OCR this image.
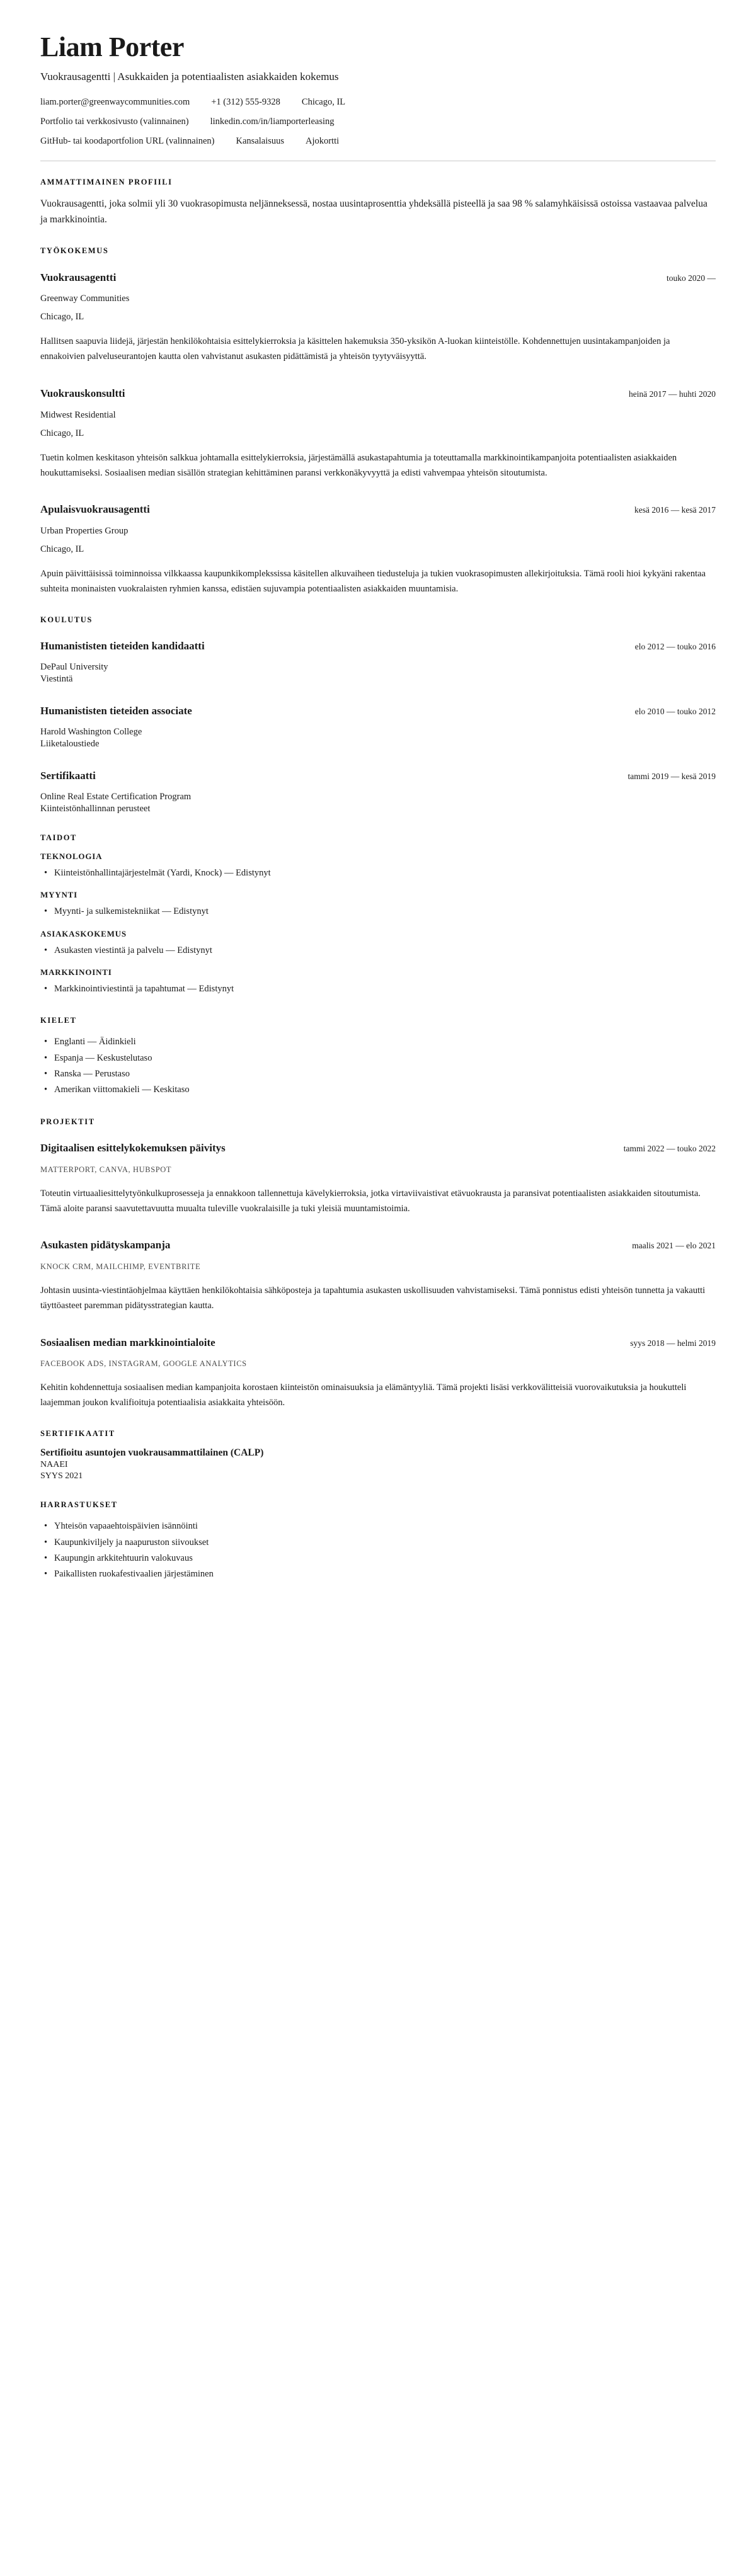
Liam Porter

Vuokrausagentti | Asukkaiden ja potentiaalisten asiakkaiden kokemus

liam.porter@greenwaycommunities.com +1 (312) 555-9328 Chicago, IL

Portfolio tai verkkosivusto (valinnainen) linkedin.com/in/liamporterleasing

GitHub- tai koodaportfolion URL (valinnainen) Kansalaisuus Ajokortti

AMMATTIMAINEN PROFIILI

Vuokrausagentti, joka solmii yli 30 vuokrasopimusta neljänneksessä, nostaa uusintaprosenttia yhdeksällä pisteellä ja saa 98 % salamyhkäisissä ostoissa vastaavaa palvelua ja markkinointia.

TYÖKOKEMUS

Vuokrausagentti	touko 2020 —

Greenway Communities

Chicago, IL

Hallitsen saapuvia liidejä, järjestän henkilökohtaisia esittelykierroksia ja käsittelen hakemuksia 350-yksikön A-luokan kiinteistölle. Kohdennettujen uusintakampanjoiden ja ennakoivien palveluseurantojen kautta olen vahvistanut asukasten pidättämistä ja yhteisön tyytyväisyyttä.

Vuokrauskonsultti	heinä 2017 — huhti 2020

Midwest Residential

Chicago, IL

Tuetin kolmen keskitason yhteisön salkkua johtamalla esittelykierroksia, järjestämällä asukastapahtumia ja toteuttamalla markkinointikampanjoita potentiaalisten asiakkaiden houkuttamiseksi. Sosiaalisen median sisällön strategian kehittäminen paransi verkkonäkyvyyttä ja edisti vahvempaa yhteisön sitoutumista.

Apulaisvuokrausagentti	kesä 2016 — kesä 2017

Urban Properties Group

Chicago, IL

Apuin päivittäisissä toiminnoissa vilkkaassa kaupunkikomplekssissa käsitellen alkuvaiheen tiedusteluja ja tukien vuokrasopimusten allekirjoituksia. Tämä rooli hioi kykyäni rakentaa suhteita moninaisten vuokralaisten ryhmien kanssa, edistäen sujuvampia potentiaalisten asiakkaiden muuntamisia.

KOULUTUS

Humanististen tieteiden kandidaatti	elo 2012 — touko 2016

DePaul University

Viestintä

Humanististen tieteiden associate	elo 2010 — touko 2012

Harold Washington College

Liiketaloustiede

Sertifikaatti	tammi 2019 — kesä 2019

Online Real Estate Certification Program

Kiinteistönhallinnan perusteet

TAIDOT

TEKNOLOGIA

• Kiinteistönhallintajärjestelmät (Yardi, Knock) — Edistynyt

MYYNTI

• Myynti- ja sulkemistekniikat — Edistynyt

ASIAKASKOKEMUS

• Asukasten viestintä ja palvelu — Edistynyt

MARKKINOINTI

• Markkinointiviestintä ja tapahtumat — Edistynyt
KIELET
• Englanti — Äidinkieli
• Espanja — Keskustelutaso
• Ranska — Perustaso
• Amerikan viittomakieli — Keskitaso
PROJEKTIT

Digitaalisen esittelykokemuksen päivitys	tammi 2022 — touko 2022

MATTERPORT, CANVA, HUBSPOT

Toteutin virtuaaliesittelytyönkulkuprosesseja ja ennakkoon tallennettuja kävelykierroksia, jotka virtaviivaistivat etävuokrausta ja paransivat potentiaalisten asiakkaiden sitoutumista. Tämä aloite paransi saavutettavuutta muualta tuleville vuokralaisille ja tuki yleisiä muuntamistoimia.

Asukasten pidätyskampanja	maalis 2021 — elo 2021

KNOCK CRM, MAILCHIMP, EVENTBRITE

Johtasin uusinta-viestintäohjelmaa käyttäen henkilökohtaisia sähköposteja ja tapahtumia asukasten uskollisuuden vahvistamiseksi. Tämä ponnistus edisti yhteisön tunnetta ja vakautti täyttöasteet paremman pidätysstrategian kautta.

Sosiaalisen median markkinointialoite	syys 2018 — helmi 2019

FACEBOOK ADS, INSTAGRAM, GOOGLE ANALYTICS

Kehitin kohdennettuja sosiaalisen median kampanjoita korostaen kiinteistön ominaisuuksia ja elämäntyyliä. Tämä projekti lisäsi verkkovälitteisiä vuorovaikutuksia ja houkutteli laajemman joukon kvalifioituja potentiaalisia asiakkaita yhteisöön.

SERTIFIKAATIT

Sertifioitu asuntojen vuokrausammattilainen (CALP)

NAAEI

SYYS 2021

HARRASTUKSET
• Yhteisön vapaaehtoispäivien isännöinti
• Kaupunkiviljely ja naapuruston siivoukset
• Kaupungin arkkitehtuurin valokuvaus
• Paikallisten ruokafestivaalien järjestäminen
